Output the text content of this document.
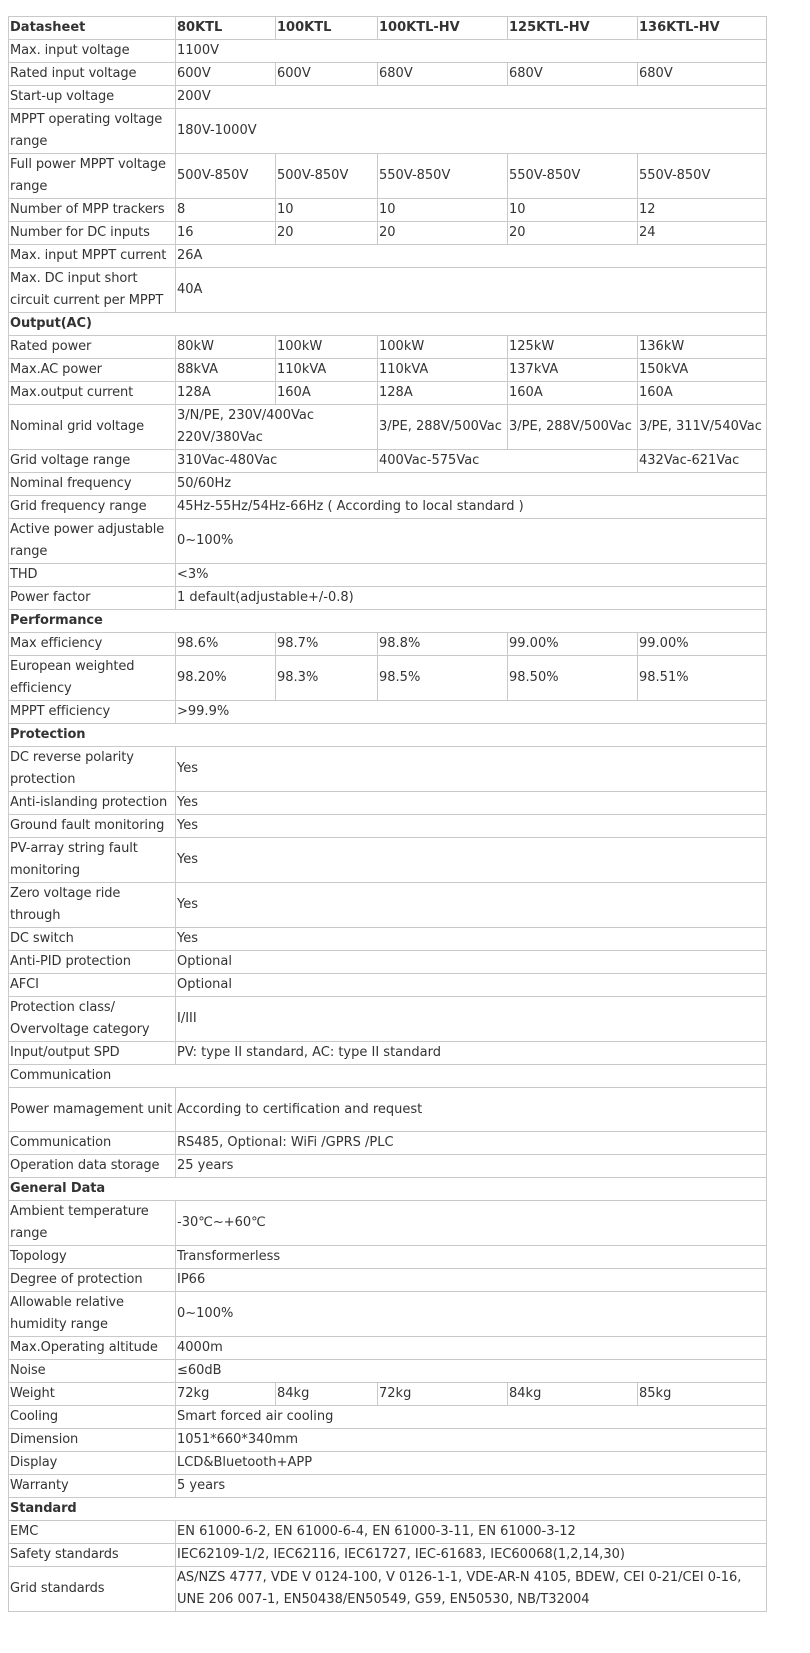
Datasheet	80KTL	100KTL	100KTL-HV	125KTL-HV	136KTL-HV
Max. input voltage	1100V				
Rated input voltage	600V	600V	680V	680V	680V
Start-up voltage	200V				
MPPT operating voltage range	180V-1000V				
Full power MPPT voltage range	500V-850V	500V-850V	550V-850V	550V-850V	550V-850V
Number of MPP trackers	8	10	10	10	12
Number for DC inputs	16	20	20	20	24
Max. input MPPT current	26A				
Max. DC input short circuit current per MPPT	40A				
Output(AC)					
Rated power	80kW	100kW	100kW	125kW	136kW
Max.AC power	88kVA	110kVA	110kVA	137kVA	150kVA
Max.output current	128A	160A	128A	160A	160A
Nominal grid voltage	3/N/PE, 230V/400Vac 220V/380Vac		3/PE, 288V/500Vac	3/PE, 288V/500Vac	3/PE, 311V/540Vac
Grid voltage range	310Vac-480Vac		400Vac-575Vac		432Vac-621Vac
Nominal frequency	50/60Hz				
Grid frequency range	45Hz-55Hz/54Hz-66Hz ( According to local standard )				
Active power adjustable range	0~100%				
THD	<3%				
Power factor	1 default(adjustable+/-0.8)				
Performance					
Max efficiency	98.6%	98.7%	98.8%	99.00%	99.00%
European weighted efficiency	98.20%	98.3%	98.5%	98.50%	98.51%
MPPT efficiency	>99.9%				
Protection					
DC reverse polarity protection	Yes				
Anti-islanding protection	Yes				
Ground fault monitoring	Yes				
PV-array string fault monitoring	Yes				
Zero voltage ride through	Yes				
DC switch	Yes				
Anti-PID protection	Optional				
AFCI	Optional				
Protection class/ Overvoltage category	I/III				
Input/output SPD	PV: type II standard, AC: type II standard				
Communication					
Power mamagement unit	According to certification and request				
Communication	RS485, Optional: WiFi /GPRS /PLC				
Operation data storage	25 years				
General Data					
Ambient temperature range	-30℃~+60℃				
Topology	Transformerless				
Degree of protection	IP66				
Allowable relative humidity range	0~100%				
Max.Operating altitude	4000m				
Noise	≤60dB				
Weight	72kg	84kg	72kg	84kg	85kg
Cooling	Smart forced air cooling				
Dimension	1051*660*340mm				
Display	LCD&Bluetooth+APP				
Warranty	5 years				
Standard					
EMC	EN 61000-6-2, EN 61000-6-4, EN 61000-3-11, EN 61000-3-12				
Safety standards	IEC62109-1/2, IEC62116, IEC61727, IEC-61683, IEC60068(1,2,14,30)				
Grid standards	AS/NZS 4777, VDE V 0124-100, V 0126-1-1, VDE-AR-N 4105, BDEW, CEI 0-21/CEI 0-16, UNE 206 007-1, EN50438/EN50549, G59, EN50530, NB/T32004				
